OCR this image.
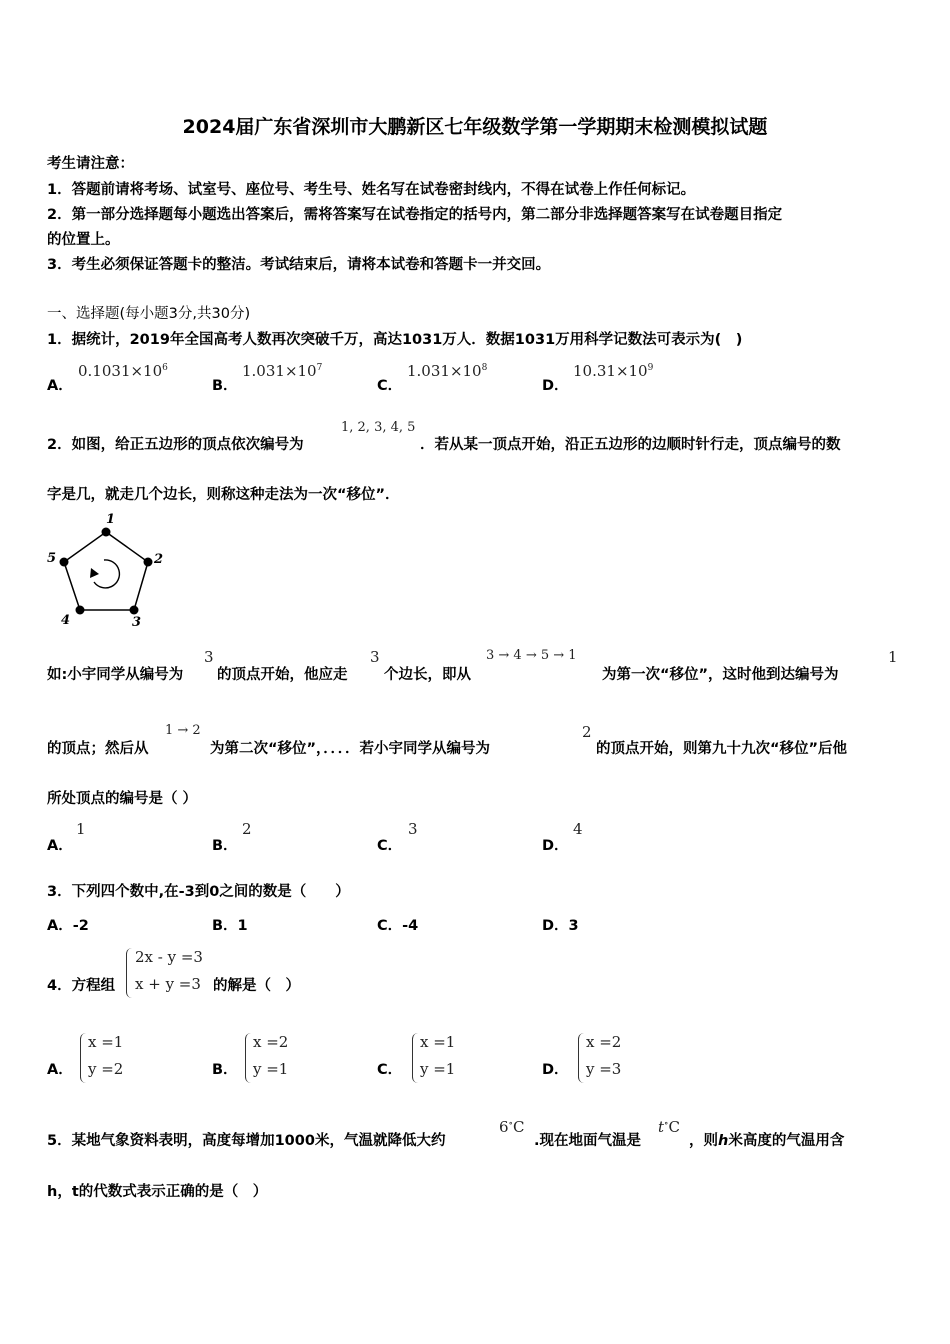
2024届广东省深圳市大鹏新区七年级数学第一学期期末检测模拟试题
考生请注意：
1．答题前请将考场、试室号、座位号、考生号、姓名写在试卷密封线内，不得在试卷上作任何标记。
2．第一部分选择题每小题选出答案后，需将答案写在试卷指定的括号内，第二部分非选择题答案写在试卷题目指定
的位置上。
3．考生必须保证答题卡的整洁。考试结束后，请将本试卷和答题卡一并交回。
一、选择题(每小题3分,共30分)
1．据统计，2019年全国高考人数再次突破千万，高达1031万人．数据1031万用科学记数法可表示为(　)
A．
$0.1031\times 10^6$
B．
$1.031\times 10^7$
C．
$1.031\times 10^8$
D．
$10.31\times 10^9$
2．如图，给正五边形的顶点依次编号为
1, 2, 3, 4, 5
．若从某一顶点开始，沿正五边形的边顺时针行走，顶点编号的数
字是几，就走几个边长，则称这种走法为一次“移位”．
1
2
3
4
5
如:小宇同学从编号为
3
的顶点开始，他应走
3
个边长，即从
3 → 4 → 5 → 1
为第一次“移位”，这时他到达编号为
1
的顶点；然后从
1 → 2
为第二次“移位”，．．．．若小宇同学从编号为
2
的顶点开始，则第九十九次“移位”后他
所处顶点的编号是（ ）
A．
1
B．
2
C．
3
D．
4
3．下列四个数中,在-3到0之间的数是（　　）
A．-2	B．1	C．-4	D．3
4．方程组
2x - y =3
x + y =3 的解是（　）
A．
x =1
y =2	B．
x =2
y =1	C．
x =1
y =1	D．
x =2
y =3
5．某地气象资料表明，高度每增加1000米，气温就降低大约
6∘C
.现在地面气温是
t∘C
，则h米高度的气温用含
h，t的代数式表示正确的是（　）
